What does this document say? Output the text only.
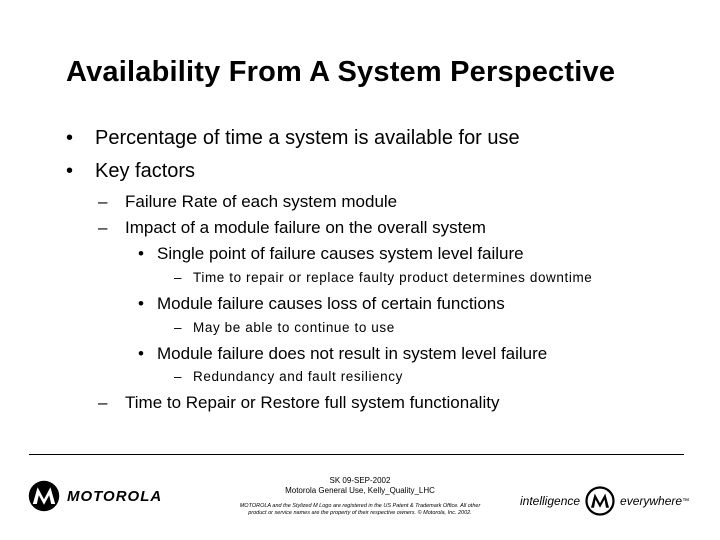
Availability From A System Perspective
• Percentage of time a system is available for use
• Key factors
– Failure Rate of each system module
– Impact of a module failure on the overall system
• Single point of failure causes system level failure
– Time to repair or replace faulty product determines downtime
• Module failure causes loss of certain functions
– May be able to continue to use
• Module failure does not result in system level failure
– Redundancy and fault resiliency
– Time to Repair or Restore full system functionality
MOTOROLA
SK 09-SEP-2002
Motorola General Use, Kelly_Quality_LHC
MOTOROLA and the Stylized M Logo are registered in the US Patent & Trademark Office. All other
product or service names are the property of their respective owners. © Motorola, Inc. 2002.
intelligence	everywhere ™
